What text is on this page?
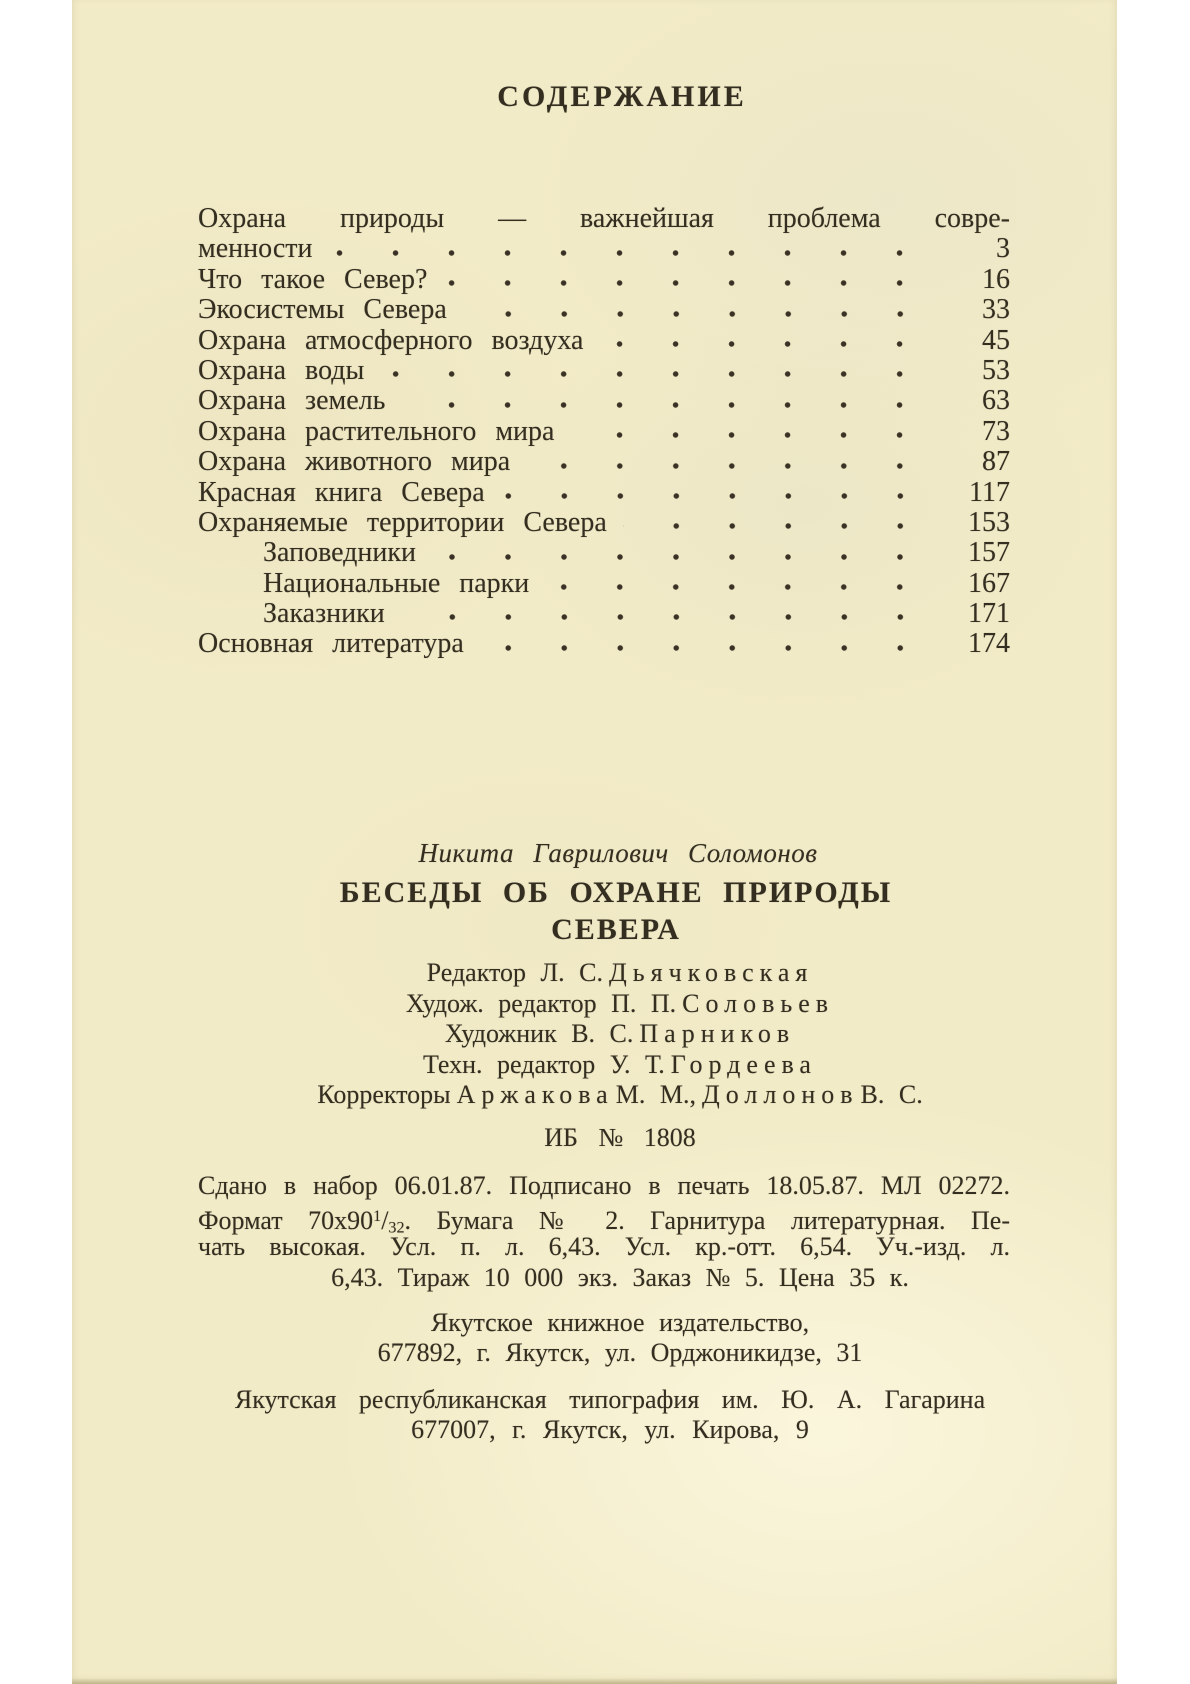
СОДЕРЖАНИЕ
Охрана природы — важнейшая проблема совре-
менности	3
Что такое Север?	16
Экосистемы Севера	33
Охрана атмосферного воздуха	45
Охрана воды	53
Охрана земель	63
Охрана растительного мира	73
Охрана животного мира	87
Красная книга Севера	117
Охраняемые территории Севера	153
Заповедники	157
Национальные парки	167
Заказники	171
Основная литература	174
Никита Гаврилович Соломонов
БЕСЕДЫ ОБ ОХРАНЕ ПРИРОДЫ
СЕВЕРА
Редактор Л. С. Дьячковская
Худож. редактор П. П. Соловьев
Художник В. С. Парников
Техн. редактор У. Т. Гордеева
Корректоры АржаковаМ. М., ДоллоновВ. С.
ИБ № 1808
Сдано в набор 06.01.87. Подписано в печать 18.05.87. МЛ 02272.
Формат $70х90^1/_{32}$. Бумага № 2. Гарнитура литературная. Пе-
чать высокая. Усл. п. л. 6,43. Усл. кр.-отт. 6,54. Уч.-изд. л.
6,43. Тираж 10 000 экз. Заказ № 5. Цена 35 к.
Якутское книжное издательство,
677892, г. Якутск, ул. Орджоникидзе, 31
Якутская республиканская типография им. Ю. А. Гагарина
677007, г. Якутск, ул. Кирова, 9
